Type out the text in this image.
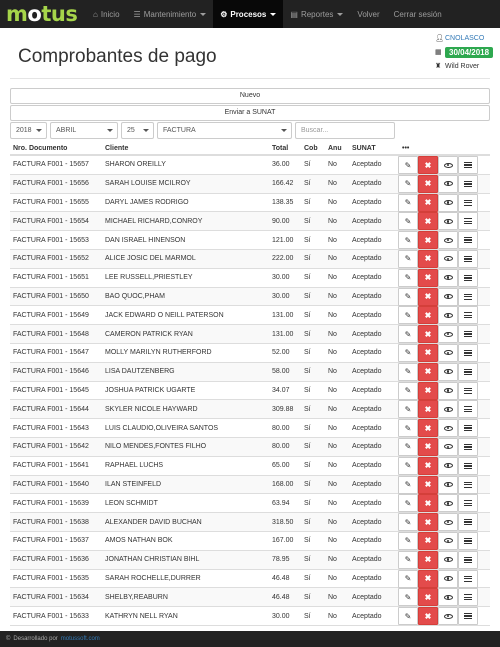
motus ⌂ Inicio ☰ Mantenimiento	⚙ Procesos	▤ Reportes	Volver Cerrar sesión
Comprobantes de pago
👤︎ CNOLASCO
▦ 30/04/2018
♜ Wild Rover
Nuevo
Enviar a SUNAT
2018	ABRIL	25	FACTURA	Buscar...
Nro. Documento	Cliente	Total	Cob	Anu	SUNAT	•••
FACTURA F001 - 15657	SHARON OREILLY	36.00	Sí	No	Aceptado	✎ ✖
FACTURA F001 - 15656	SARAH LOUISE MCILROY	166.42	Sí	No	Aceptado	✎ ✖
FACTURA F001 - 15655	DARYL JAMES RODRIGO	138.35	Sí	No	Aceptado	✎ ✖
FACTURA F001 - 15654	MICHAEL RICHARD,CONROY	90.00	Sí	No	Aceptado	✎ ✖
FACTURA F001 - 15653	DAN ISRAEL HINENSON	121.00	Sí	No	Aceptado	✎ ✖
FACTURA F001 - 15652	ALICE JOSIC DEL MARMOL	222.00	Sí	No	Aceptado	✎ ✖
FACTURA F001 - 15651	LEE RUSSELL,PRIESTLEY	30.00	Sí	No	Aceptado	✎ ✖
FACTURA F001 - 15650	BAO QUOC,PHAM	30.00	Sí	No	Aceptado	✎ ✖
FACTURA F001 - 15649	JACK EDWARD O NEILL PATERSON	131.00	Sí	No	Aceptado	✎ ✖
FACTURA F001 - 15648	CAMERON PATRICK RYAN	131.00	Sí	No	Aceptado	✎ ✖
FACTURA F001 - 15647	MOLLY MARILYN RUTHERFORD	52.00	Sí	No	Aceptado	✎ ✖
FACTURA F001 - 15646	LISA DAUTZENBERG	58.00	Sí	No	Aceptado	✎ ✖
FACTURA F001 - 15645	JOSHUA PATRICK UGARTE	34.07	Sí	No	Aceptado	✎ ✖
FACTURA F001 - 15644	SKYLER NICOLE HAYWARD	309.88	Sí	No	Aceptado	✎ ✖
FACTURA F001 - 15643	LUIS CLAUDIO,OLIVEIRA SANTOS	80.00	Sí	No	Aceptado	✎ ✖
FACTURA F001 - 15642	NILO MENDES,FONTES FILHO	80.00	Sí	No	Aceptado	✎ ✖
FACTURA F001 - 15641	RAPHAEL LUCHS	65.00	Sí	No	Aceptado	✎ ✖
FACTURA F001 - 15640	ILAN STEINFELD	168.00	Sí	No	Aceptado	✎ ✖
FACTURA F001 - 15639	LEON SCHMIDT	63.94	Sí	No	Aceptado	✎ ✖
FACTURA F001 - 15638	ALEXANDER DAVID BUCHAN	318.50	Sí	No	Aceptado	✎ ✖
FACTURA F001 - 15637	AMOS NATHAN BOK	167.00	Sí	No	Aceptado	✎ ✖
FACTURA F001 - 15636	JONATHAN CHRISTIAN BIHL	78.95	Sí	No	Aceptado	✎ ✖
FACTURA F001 - 15635	SARAH ROCHELLE,DURRER	46.48	Sí	No	Aceptado	✎ ✖
FACTURA F001 - 15634	SHELBY,REABURN	46.48	Sí	No	Aceptado	✎ ✖
FACTURA F001 - 15633	KATHRYN NELL RYAN	30.00	Sí	No	Aceptado	✎ ✖
© Desarrollado por motussoft.com
